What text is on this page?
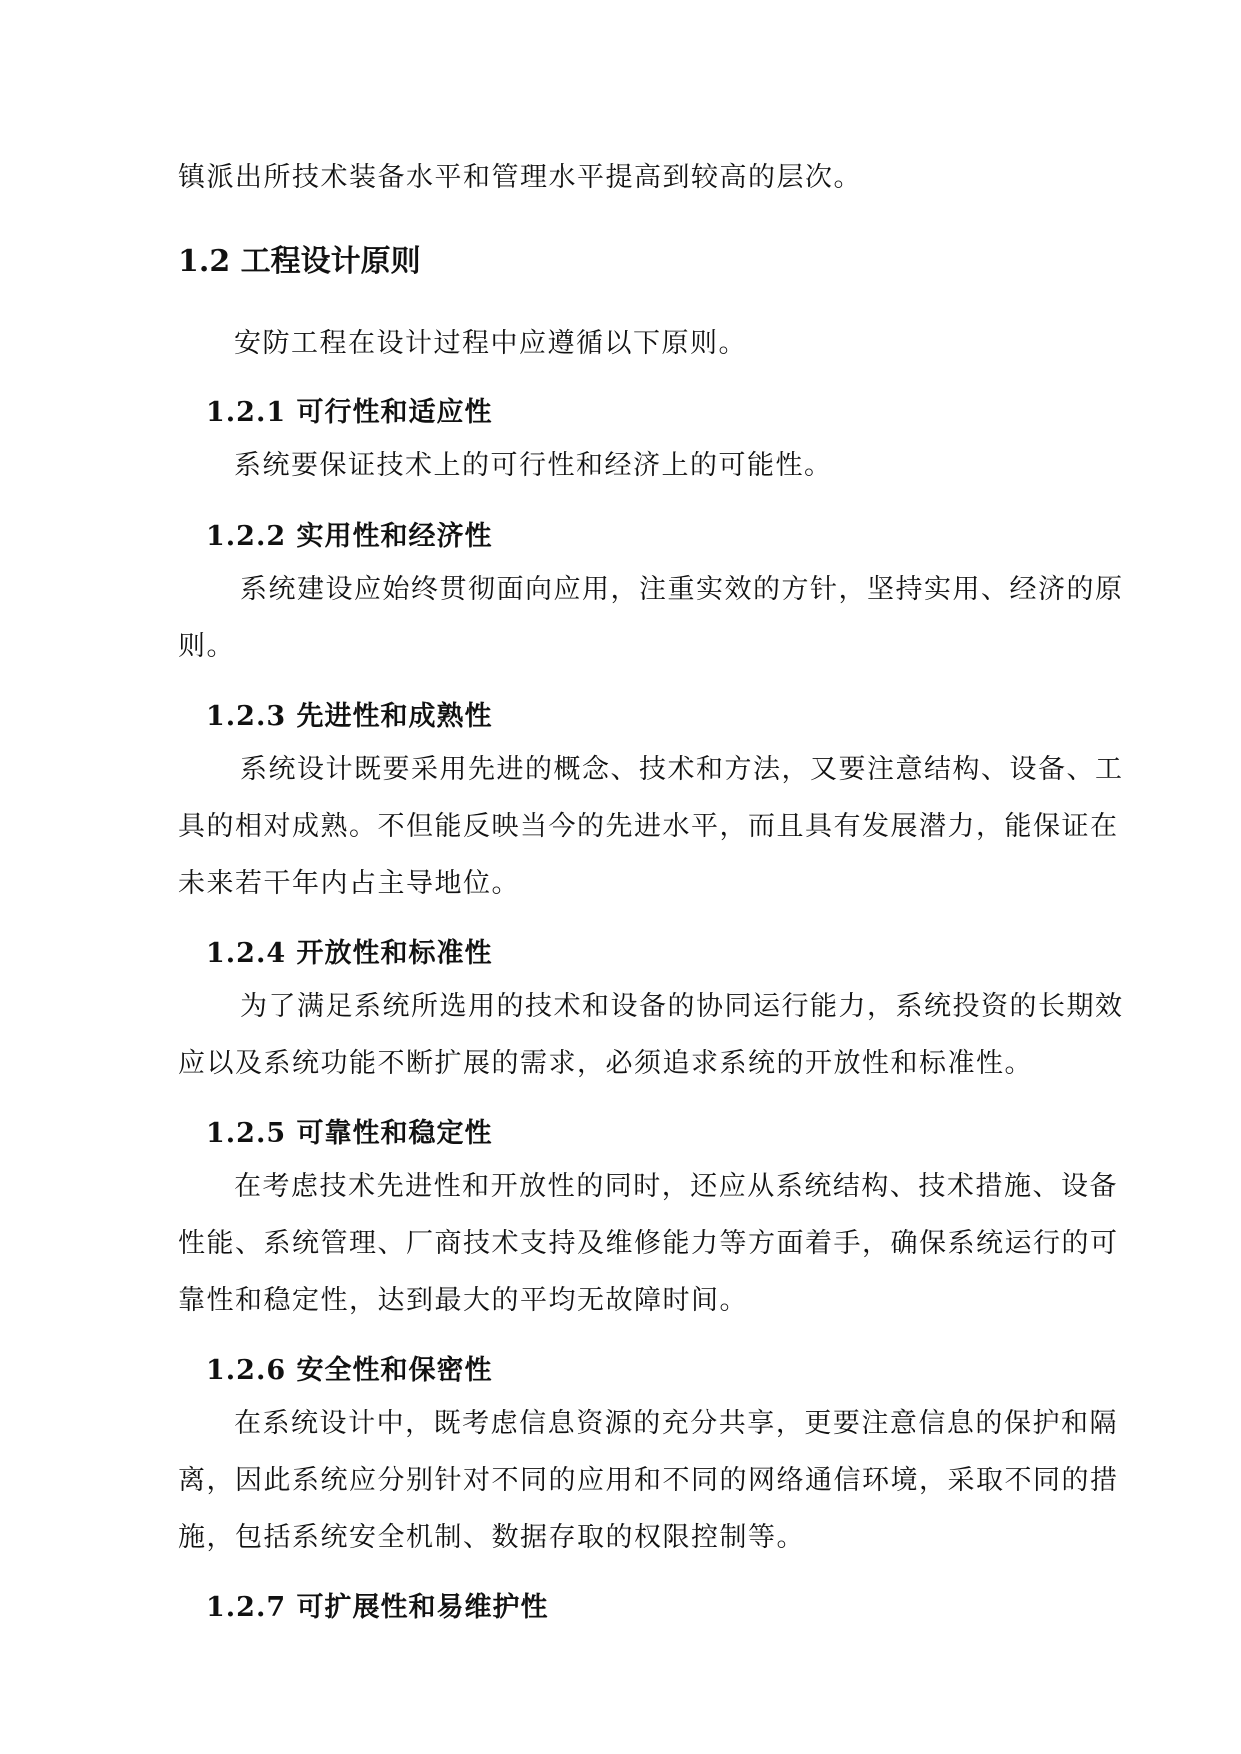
镇派出所技术装备水平和管理水平提高到较高的层次。
1.2 工程设计原则
安防工程在设计过程中应遵循以下原则。
1.2.1 可行性和适应性
系统要保证技术上的可行性和经济上的可能性。
1.2.2 实用性和经济性
系统建设应始终贯彻面向应用，注重实效的方针，坚持实用、经济的原
则。
1.2.3 先进性和成熟性
系统设计既要采用先进的概念、技术和方法，又要注意结构、设备、工
具的相对成熟。不但能反映当今的先进水平，而且具有发展潜力，能保证在
未来若干年内占主导地位。
1.2.4 开放性和标准性
为了满足系统所选用的技术和设备的协同运行能力，系统投资的长期效
应以及系统功能不断扩展的需求，必须追求系统的开放性和标准性。
1.2.5 可靠性和稳定性
在考虑技术先进性和开放性的同时，还应从系统结构、技术措施、设备
性能、系统管理、厂商技术支持及维修能力等方面着手，确保系统运行的可
靠性和稳定性，达到最大的平均无故障时间。
1.2.6 安全性和保密性
在系统设计中，既考虑信息资源的充分共享，更要注意信息的保护和隔
离，因此系统应分别针对不同的应用和不同的网络通信环境，采取不同的措
施，包括系统安全机制、数据存取的权限控制等。
1.2.7 可扩展性和易维护性
